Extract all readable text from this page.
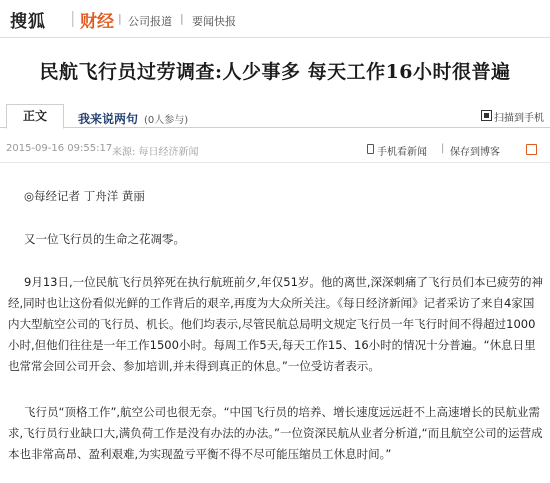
搜狐 | 财经 | 公司报道 | 要闻快报
民航飞行员过劳调查:人少事多 每天工作16小时很普遍
正文	我来说两句 (0人参与)	扫描到手机
2015-09-16 09:55:17 来源: 每日经济新闻	手机看新闻 | 保存到博客

◎每经记者 丁舟洋 黄丽

又一位飞行员的生命之花凋零。

9月13日,一位民航飞行员猝死在执行航班前夕,年仅51岁。他的离世,深深刺痛了飞行员们本已疲劳的神经,同时也让这份看似光鲜的工作背后的艰辛,再度为大众所关注。《每日经济新闻》记者采访了来自4家国内大型航空公司的飞行员、机长。他们均表示,尽管民航总局明文规定飞行员一年飞行时间不得超过1000小时,但他们往往是一年工作1500小时。每周工作5天,每天工作15、16小时的情况十分普遍。“休息日里也常常会回公司开会、参加培训,并未得到真正的休息。”一位受访者表示。

飞行员“顶格工作”,航空公司也很无奈。“中国飞行员的培养、增长速度远远赶不上高速增长的民航业需求,飞行员行业缺口大,满负荷工作是没有办法的办法。”一位资深民航从业者分析道,“而且航空公司的运营成本也非常高昂、盈利艰难,为实现盈亏平衡不得不尽可能压缩员工休息时间。”
